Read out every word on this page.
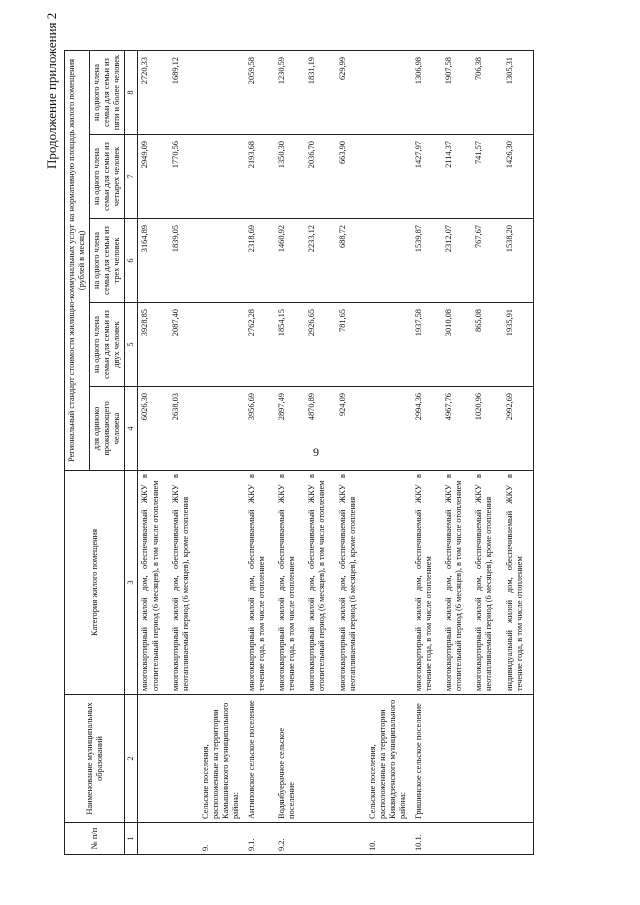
9
Продолжение приложения 2
№ п/п	Наименование муниципальных образований	Категория жилого помещения	Региональный стандарт стоимости жилищно-коммунальных услуг на нормативную площадь жилого помещения (рублей в месяц)				
			для одиноко проживающего человека	на одного члена семьи для семьи из двух человек	на одного члена семьи для семьи из трех человек	на одного члена семьи для семьи из четырех человек	на одного члена семьи для семьи из пяти и более человек
1	2	3	4	5	6	7	8
		многоквартирный жилой дом, обеспечиваемый ЖКУ в отопительный период (6 месяцев), в том числе отоплением	6026,30	3928,85	3164,89	2949,09	2720,33
		многоквартирный жилой дом, обеспечиваемый ЖКУ в неотапливаемый период (6 месяцев), кроме отопления	2638,03	2087,40	1839,05	1770,56	1689,12
9.	Сельские поселения, расположенные на территории Камышинского муниципального района:						
9.1.	Антиповское сельское поселение	многоквартирный жилой дом, обеспечиваемый ЖКУ в течение года, в том числе отоплением	3956,69	2762,28	2318,69	2193,68	2059,58
9.2.	Водянбуерачное сельское поселение	многоквартирный жилой дом, обеспечиваемый ЖКУ в течение года, в том числе отоплением	2897,49	1854,15	1460,92	1350,30	1230,59
		многоквартирный жилой дом, обеспечиваемый ЖКУ в отопительный период (6 месяцев), в том числе отоплением	4870,89	2926,65	2233,12	2036,70	1831,19
		многоквартирный жилой дом, обеспечиваемый ЖКУ в неотапливаемый период (6 месяцев), кроме отопления	924,09	781,65	688,72	663,90	629,99
10.	Сельские поселения, расположенные на территории Киквидзенского муниципального района:						
10.1.	Гришинское сельское поселение	многоквартирный жилой дом, обеспечиваемый ЖКУ в течение года, в том числе отоплением	2994,36	1937,58	1539,87	1427,97	1306,98
		многоквартирный жилой дом, обеспечиваемый ЖКУ в отопительный период (6 месяцев), в том числе отоплением	4967,76	3010,08	2312,07	2114,37	1907,58
		многоквартирный жилой дом, обеспечиваемый ЖКУ в неотапливаемый период (6 месяцев), кроме отопления	1020,96	865,08	767,67	741,57	706,38
		индивидуальный жилой дом, обеспечиваемый ЖКУ в течение года, в том числе отоплением	2992,69	1935,91	1538,20	1426,30	1305,31
